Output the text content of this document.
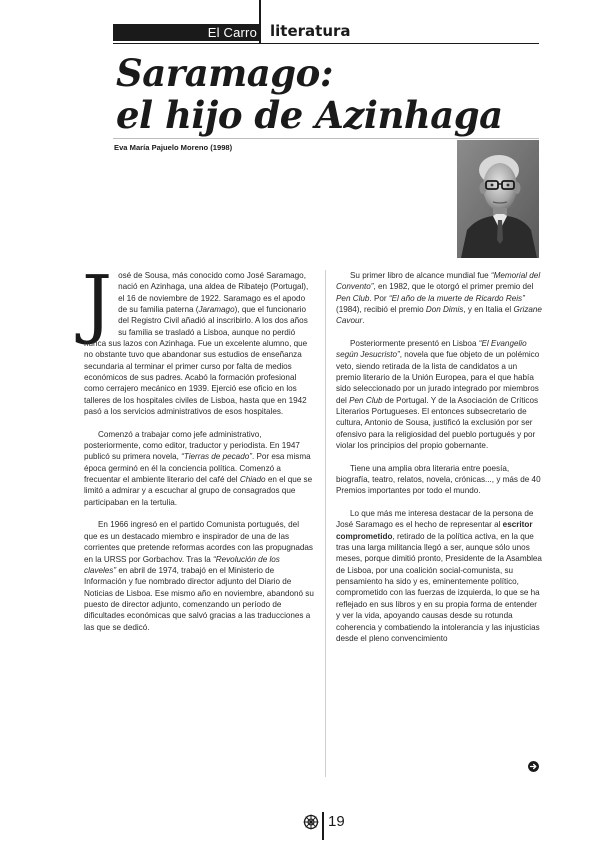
El Carro literatura
Saramago:
el hijo de Azinhaga
Eva María Pajuelo Moreno (1998)

José de Sousa, más conocido como José Saramago, nació en Azinhaga, una aldea de Ribatejo (Portugal), el 16 de noviembre de 1922. Saramago es el apodo de su familia paterna (Jaramago), que el funcionario del Registro Civil añadió al inscribirlo. A los dos años su familia se trasladó a Lisboa, aunque no perdió nunca sus lazos con Azinhaga. Fue un excelente alumno, que no obstante tuvo que abandonar sus estudios de enseñanza secundaria al terminar el primer curso por falta de medios económicos de sus padres. Acabó la formación profesional como cerrajero mecánico en 1939. Ejerció ese oficio en los talleres de los hospitales civiles de Lisboa, hasta que en 1942 pasó a los servicios administrativos de esos hospitales.

Comenzó a trabajar como jefe administrativo, posteriormente, como editor, traductor y periodista. En 1947 publicó su primera novela, “Tierras de pecado”. Por esa misma época germinó en él la conciencia política. Comenzó a frecuentar el ambiente literario del café del Chiado en el que se limitó a admirar y a escuchar al grupo de consagrados que participaban en la tertulia.

En 1966 ingresó en el partido Comunista portugués, del que es un destacado miembro e inspirador de una de las corrientes que pretende reformas acordes con las propugnadas en la URSS por Gorbachov. Tras la “Revolución de los claveles” en abril de 1974, trabajó en el Ministerio de Información y fue nombrado director adjunto del Diario de Noticias de Lisboa. Ese mismo año en noviembre, abandonó su puesto de director adjunto, comenzando un período de dificultades económicas que salvó gracias a las traducciones a las que se dedicó.

Su primer libro de alcance mundial fue “Memorial del Convento”, en 1982, que le otorgó el primer premio del Pen Club. Por “El año de la muerte de Ricardo Reis” (1984), recibió el premio Don Dimis, y en Italia el Grizane Cavour.

Posteriormente presentó en Lisboa “El Evangelio según Jesucristo”, novela que fue objeto de un polémico veto, siendo retirada de la lista de candidatos a un premio literario de la Unión Europea, para el que había sido seleccionado por un jurado integrado por miembros del Pen Club de Portugal. Y de la Asociación de Críticos Literarios Portugueses. El entonces subsecretario de cultura, Antonio de Sousa, justificó la exclusión por ser ofensivo para la religiosidad del pueblo portugués y por violar los principios del propio gobernante.

Tiene una amplia obra literaria entre poesía, biografía, teatro, relatos, novela, crónicas..., y más de 40 Premios importantes por todo el mundo.

Lo que más me interesa destacar de la persona de José Saramago es el hecho de representar al escritor comprometido, retirado de la política activa, en la que tras una larga militancia llegó a ser, aunque sólo unos meses, porque dimitió pronto, Presidente de la Asamblea de Lisboa, por una coalición social-comunista, su pensamiento ha sido y es, eminentemente político, comprometido con las fuerzas de izquierda, lo que se ha reflejado en sus libros y en su propia forma de entender y ver la vida, apoyando causas desde su rotunda coherencia y combatiendo la intolerancia y las injusticias desde el pleno convencimiento

19
